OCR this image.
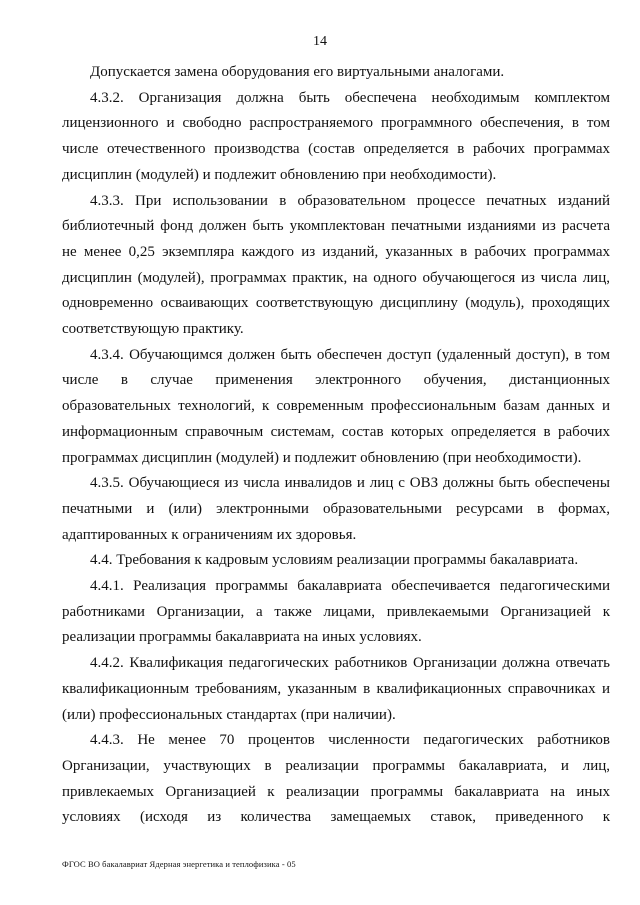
14

Допускается замена оборудования его виртуальными аналогами.

4.3.2. Организация должна быть обеспечена необходимым комплектом лицензионного и свободно распространяемого программного обеспечения, в том числе отечественного производства (состав определяется в рабочих программах дисциплин (модулей) и подлежит обновлению при необходимости).

4.3.3. При использовании в образовательном процессе печатных изданий библиотечный фонд должен быть укомплектован печатными изданиями из расчета не менее 0,25 экземпляра каждого из изданий, указанных в рабочих программах дисциплин (модулей), программах практик, на одного обучающегося из числа лиц, одновременно осваивающих соответствующую дисциплину (модуль), проходящих соответствующую практику.

4.3.4. Обучающимся должен быть обеспечен доступ (удаленный доступ), в том числе в случае применения электронного обучения, дистанционных образовательных технологий, к современным профессиональным базам данных и информационным справочным системам, состав которых определяется в рабочих программах дисциплин (модулей) и подлежит обновлению (при необходимости).

4.3.5. Обучающиеся из числа инвалидов и лиц с ОВЗ должны быть обеспечены печатными и (или) электронными образовательными ресурсами в формах, адаптированных к ограничениям их здоровья.

4.4. Требования к кадровым условиям реализации программы бакалавриата.

4.4.1. Реализация программы бакалавриата обеспечивается педагогическими работниками Организации, а также лицами, привлекаемыми Организацией к реализации программы бакалавриата на иных условиях.

4.4.2. Квалификация педагогических работников Организации должна отвечать квалификационным требованиям, указанным в квалификационных справочниках и (или) профессиональных стандартах (при наличии).

4.4.3. Не менее 70 процентов численности педагогических работников Организации, участвующих в реализации программы бакалавриата, и лиц, привлекаемых Организацией к реализации программы бакалавриата на иных условиях (исходя из количества замещаемых ставок, приведенного к

ФГОС ВО бакалавриат Ядерная энергетика и теплофизика - 05
